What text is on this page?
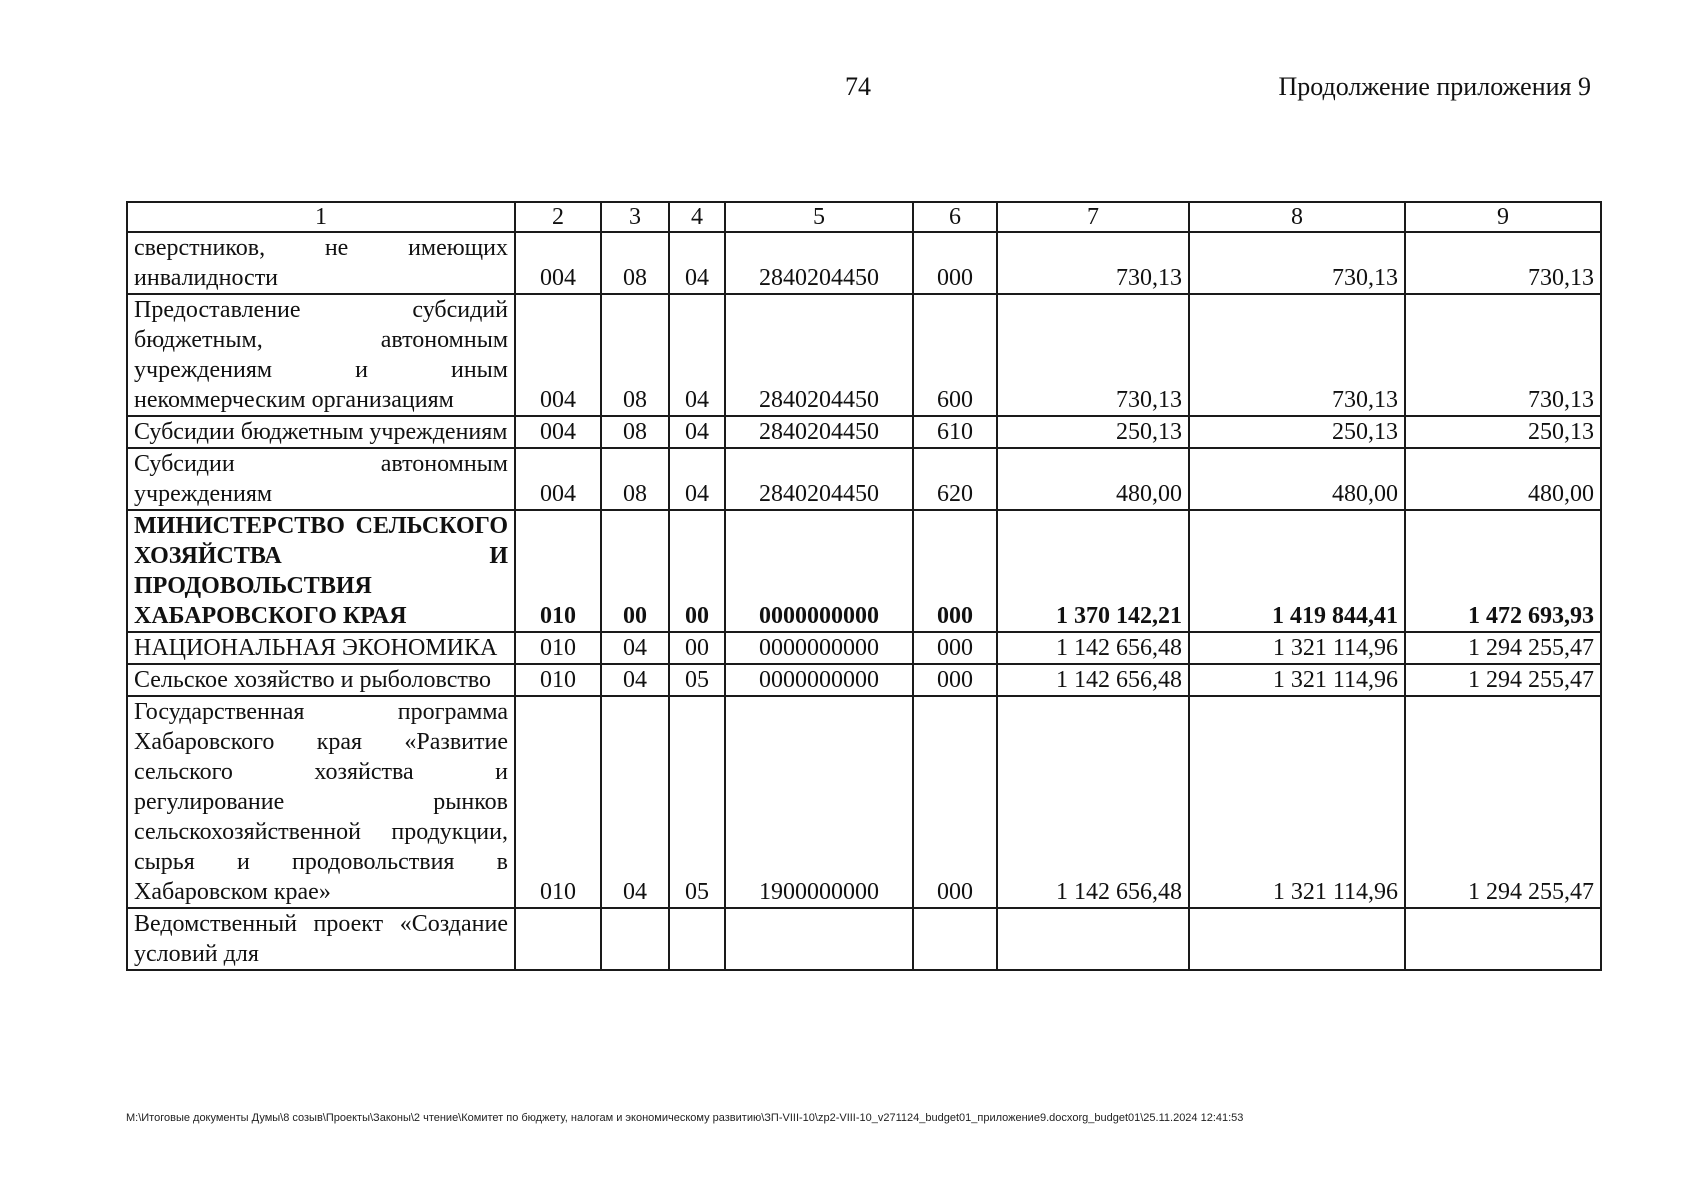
74	Продолжение приложения 9
1	2	3	4	5	6	7	8	9
сверстников, не имеющих инвалидности	004	08	04	2840204450	000	730,13	730,13	730,13
Предоставление субсидий бюджетным, автономным учреждениям и иным некоммерческим организациям	004	08	04	2840204450	600	730,13	730,13	730,13
Субсидии бюджетным учреждениям	004	08	04	2840204450	610	250,13	250,13	250,13
Субсидии автономным учреждениям	004	08	04	2840204450	620	480,00	480,00	480,00
МИНИСТЕРСТВО СЕЛЬСКОГО ХОЗЯЙСТВА И ПРОДОВОЛЬСТВИЯ ХАБАРОВСКОГО КРАЯ	010	00	00	0000000000	000	1 370 142,21	1 419 844,41	1 472 693,93
НАЦИОНАЛЬНАЯ ЭКОНОМИКА	010	04	00	0000000000	000	1 142 656,48	1 321 114,96	1 294 255,47
Сельское хозяйство и рыболовство	010	04	05	0000000000	000	1 142 656,48	1 321 114,96	1 294 255,47
Государственная программа Хабаровского края «Развитие сельского хозяйства и регулирование рынков сельскохозяйственной продукции, сырья и продовольствия в Хабаровском крае»	010	04	05	1900000000	000	1 142 656,48	1 321 114,96	1 294 255,47
Ведомственный проект «Создание условий для								
M:\Итоговые документы Думы\8 созыв\Проекты\Законы\2 чтение\Комитет по бюджету, налогам и экономическому развитию\ЗП-VIII-10\zp2-VIII-10_v271124_budget01_приложение9.docxorg_budget01\25.11.2024 12:41:53
